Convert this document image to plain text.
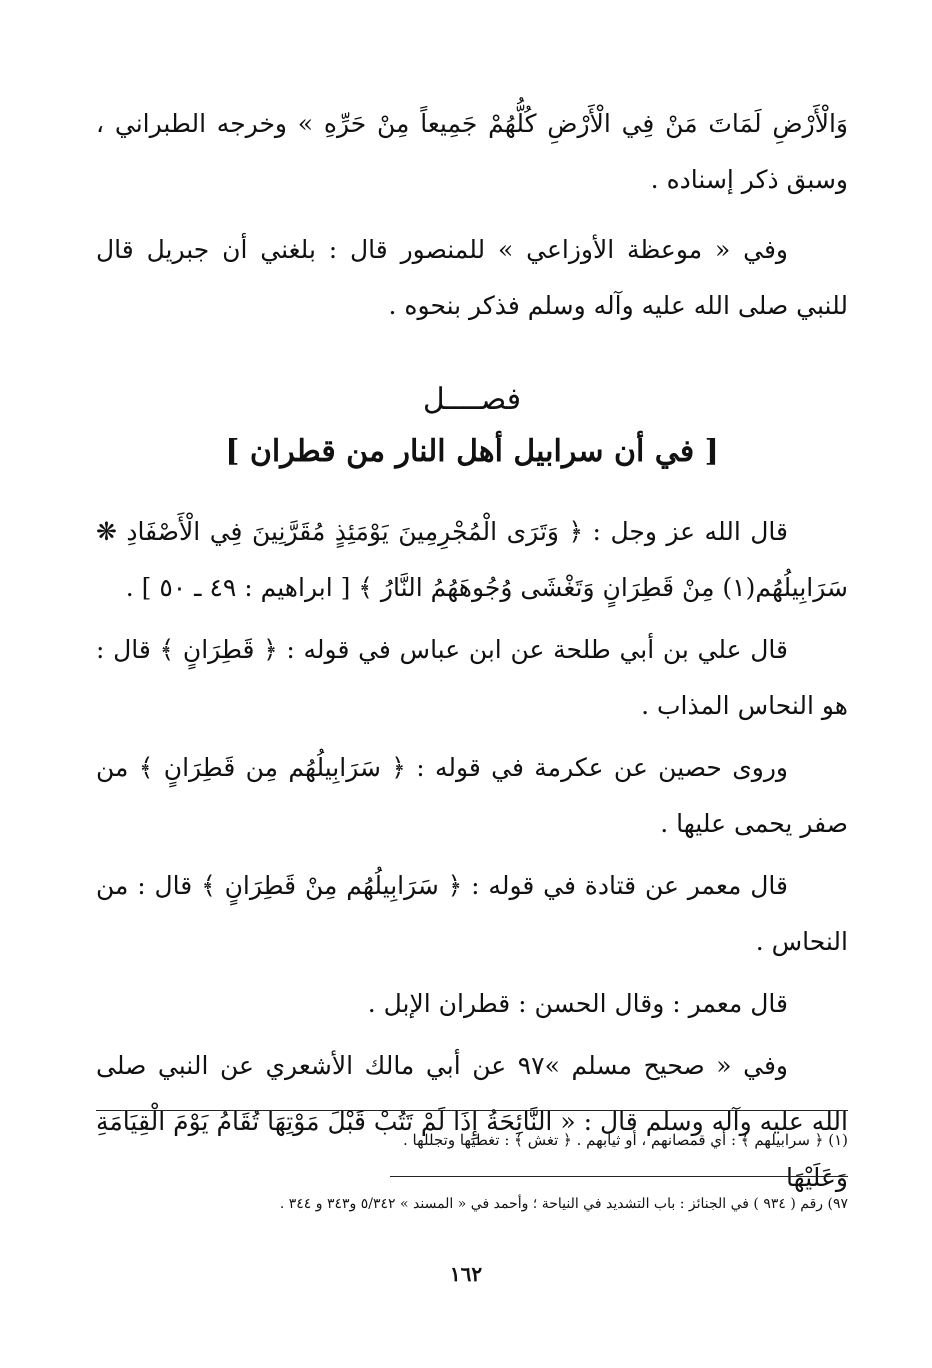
وَالْأَرْضِ لَمَاتَ مَنْ فِي الْأَرْضِ كُلُّهُمْ جَمِيعاً مِنْ حَرِّهِ » وخرجه الطبراني ، وسبق ذكر إسناده .

وفي « موعظة الأوزاعي » للمنصور قال : بلغني أن جبريل قال للنبي صلى الله عليه وآله وسلم فذكر بنحوه .

فصــــل
[ في أن سرابيل أهل النار من قطران ]

قال الله عز وجل : ﴿ وَتَرَى الْمُجْرِمِينَ يَوْمَئِذٍ مُقَرَّنِينَ فِي الْأَصْفَادِ ❋ سَرَابِيلُهُم(١) مِنْ قَطِرَانٍ وَتَغْشَى وُجُوهَهُمُ النَّارُ ﴾ [ ابراهيم : ٤٩ ـ ٥٠ ] .

قال علي بن أبي طلحة عن ابن عباس في قوله : ﴿ قَطِرَانٍ ﴾ قال : هو النحاس المذاب .

وروى حصين عن عكرمة في قوله : ﴿ سَرَابِيلُهُم مِن قَطِرَانٍ ﴾ من صفر يحمى عليها .

قال معمر عن قتادة في قوله : ﴿ سَرَابِيلُهُم مِنْ قَطِرَانٍ ﴾ قال : من النحاس .

قال معمر : وقال الحسن : قطران الإبل .

وفي « صحيح مسلم »٩٧ عن أبي مالك الأشعري عن النبي صلى الله عليه وآله وسلم قال : « النَّائِحَةُ إِذَا لَمْ تَتُبْ قَبْلَ مَوْتِهَا تُقَامُ يَوْمَ الْقِيَامَةِ وَعَلَيْهَا

(١) ﴿ سرابيلهم ﴾ : أي قمصانهم ، أو ثيابهم . ﴿ تغش ﴾ : تغطيها وتجللها .
٩٧) رقم ( ٩٣٤ ) في الجنائز : باب التشديد في النياحة ؛ وأحمد في « المسند » ٥/٣٤٢ و٣٤٣ و ٣٤٤ .
١٦٢
